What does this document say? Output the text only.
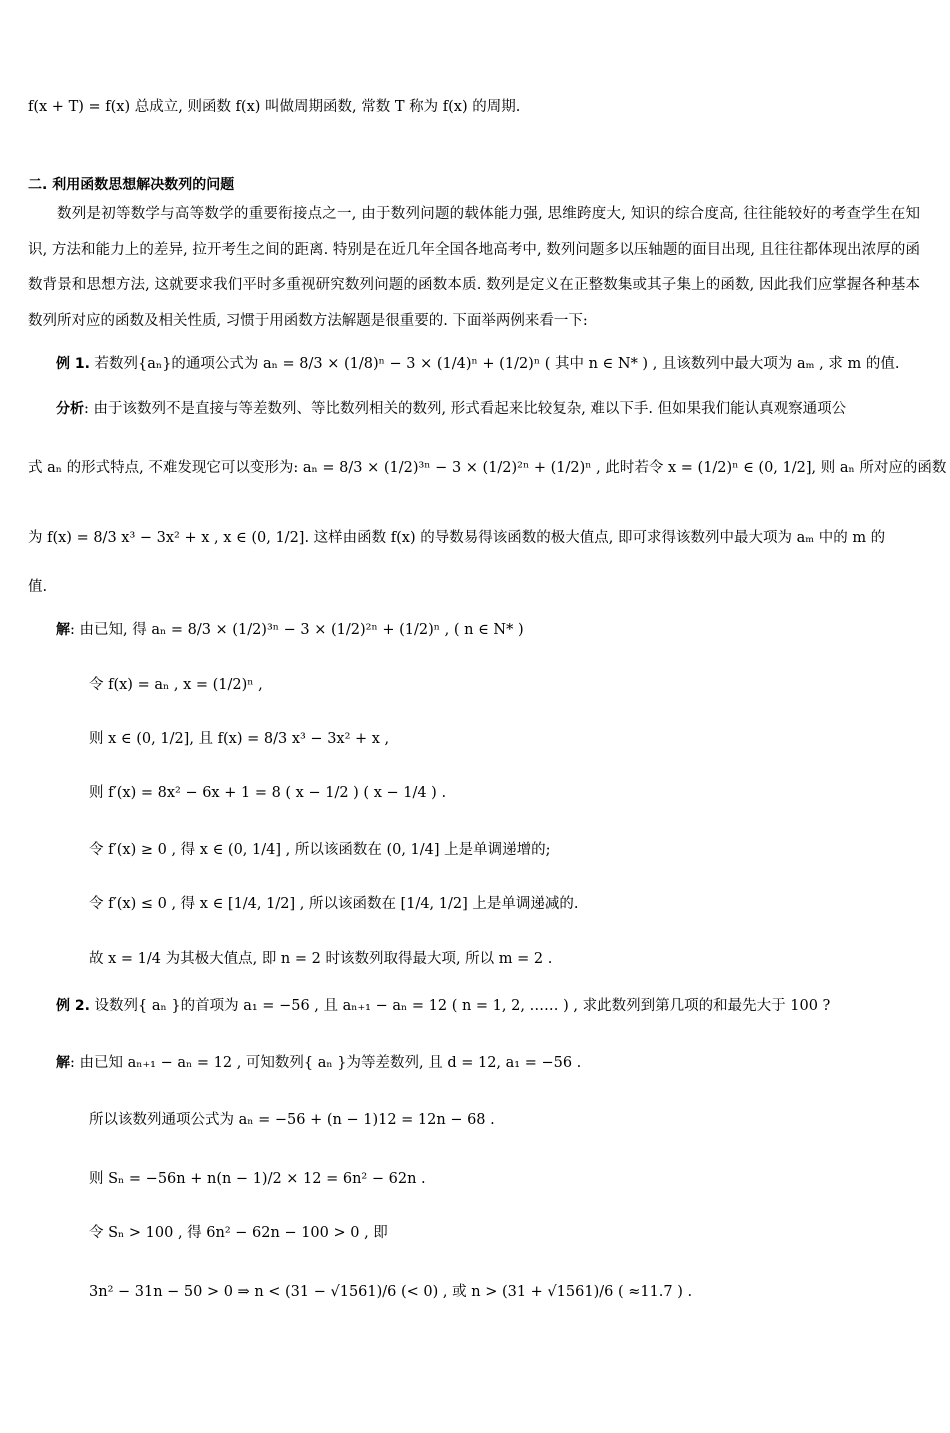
f(x + T) = f(x) 总成立, 则函数 f(x) 叫做周期函数, 常数 T 称为 f(x) 的周期.
二. 利用函数思想解决数列的问题
数列是初等数学与高等数学的重要衔接点之一, 由于数列问题的载体能力强, 思维跨度大, 知识的综合度高, 往往能较好的考查学生在知识, 方法和能力上的差异, 拉开考生之间的距离. 特别是在近几年全国各地高考中, 数列问题多以压轴题的面目出现, 且往往都体现出浓厚的函数背景和思想方法, 这就要求我们平时多重视研究数列问题的函数本质. 数列是定义在正整数集或其子集上的函数, 因此我们应掌握各种基本数列所对应的函数及相关性质, 习惯于用函数方法解题是很重要的. 下面举两例来看一下:
例 1. 若数列{aₙ}的通项公式为 aₙ = 8/3 × (1/8)ⁿ − 3 × (1/4)ⁿ + (1/2)ⁿ ( 其中 n ∈ N* ) , 且该数列中最大项为 aₘ , 求 m 的值.
分析: 由于该数列不是直接与等差数列、等比数列相关的数列, 形式看起来比较复杂, 难以下手. 但如果我们能认真观察通项公
式 aₙ 的形式特点, 不难发现它可以变形为: aₙ = 8/3 × (1/2)³ⁿ − 3 × (1/2)²ⁿ + (1/2)ⁿ , 此时若令 x = (1/2)ⁿ ∈ (0, 1/2], 则 aₙ 所对应的函数
为 f(x) = 8/3 x³ − 3x² + x , x ∈ (0, 1/2]. 这样由函数 f(x) 的导数易得该函数的极大值点, 即可求得该数列中最大项为 aₘ 中的 m 的
值.
解: 由已知, 得 aₙ = 8/3 × (1/2)³ⁿ − 3 × (1/2)²ⁿ + (1/2)ⁿ , ( n ∈ N* )
令 f(x) = aₙ , x = (1/2)ⁿ ,
则 x ∈ (0, 1/2], 且 f(x) = 8/3 x³ − 3x² + x ,
则 f′(x) = 8x² − 6x + 1 = 8 ( x − 1/2 ) ( x − 1/4 ) .
令 f′(x) ≥ 0 , 得 x ∈ (0, 1/4] , 所以该函数在 (0, 1/4] 上是单调递增的;
令 f′(x) ≤ 0 , 得 x ∈ [1/4, 1/2] , 所以该函数在 [1/4, 1/2] 上是单调递减的.
故 x = 1/4 为其极大值点, 即 n = 2 时该数列取得最大项, 所以 m = 2 .
例 2. 设数列{ aₙ }的首项为 a₁ = −56 , 且 aₙ₊₁ − aₙ = 12 ( n = 1, 2, …… ) , 求此数列到第几项的和最先大于 100 ?
解: 由已知 aₙ₊₁ − aₙ = 12 , 可知数列{ aₙ }为等差数列, 且 d = 12, a₁ = −56 .
所以该数列通项公式为 aₙ = −56 + (n − 1)12 = 12n − 68 .
则 Sₙ = −56n + n(n − 1)/2 × 12 = 6n² − 62n .
令 Sₙ > 100 , 得 6n² − 62n − 100 > 0 , 即
3n² − 31n − 50 > 0 ⇒ n < (31 − √1561)/6 (< 0) , 或 n > (31 + √1561)/6 ( ≈11.7 ) .
